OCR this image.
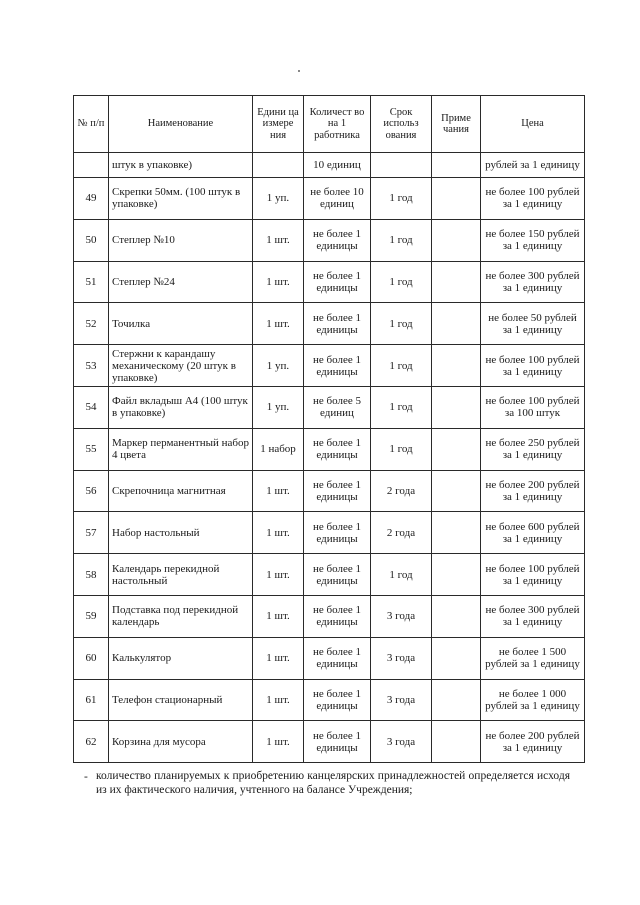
№ п/п	Наименование	Едини ца измере ния	Количест во на 1 работника	Срок использ ования	Приме чания	Цена
	штук в упаковке)		10 единиц			рублей за 1 единицу
49	Скрепки 50мм. (100 штук в упаковке)	1 уп.	не более 10 единиц	1 год		не более 100 рублей за 1 единицу
50	Степлер №10	1 шт.	не более 1 единицы	1 год		не более 150 рублей за 1 единицу
51	Степлер №24	1 шт.	не более 1 единицы	1 год		не более 300 рублей за 1 единицу
52	Точилка	1 шт.	не более 1 единицы	1 год		не более 50 рублей за 1 единицу
53	Стержни к карандашу механическому (20 штук в упаковке)	1 уп.	не более 1 единицы	1 год		не более 100 рублей за 1 единицу
54	Файл вкладыш А4 (100 штук в упаковке)	1 уп.	не более 5 единиц	1 год		не более 100 рублей за 100 штук
55	Маркер перманентный набор 4 цвета	1 набор	не более 1 единицы	1 год		не более 250 рублей за 1 единицу
56	Скрепочница магнитная	1 шт.	не более 1 единицы	2 года		не более 200 рублей за 1 единицу
57	Набор настольный	1 шт.	не более 1 единицы	2 года		не более 600 рублей за 1 единицу
58	Календарь перекидной настольный	1 шт.	не более 1 единицы	1 год		не более 100 рублей за 1 единицу
59	Подставка под перекидной календарь	1 шт.	не более 1 единицы	3 года		не более 300 рублей за 1 единицу
60	Калькулятор	1 шт.	не более 1 единицы	3 года		не более 1 500 рублей за 1 единицу
61	Телефон стационарный	1 шт.	не более 1 единицы	3 года		не более 1 000 рублей за 1 единицу
62	Корзина для мусора	1 шт.	не более 1 единицы	3 года		не более 200 рублей за 1 единицу
- количество планируемых к приобретению канцелярских принадлежностей определяется исходя из их фактического наличия, учтенного на балансе Учреждения;
